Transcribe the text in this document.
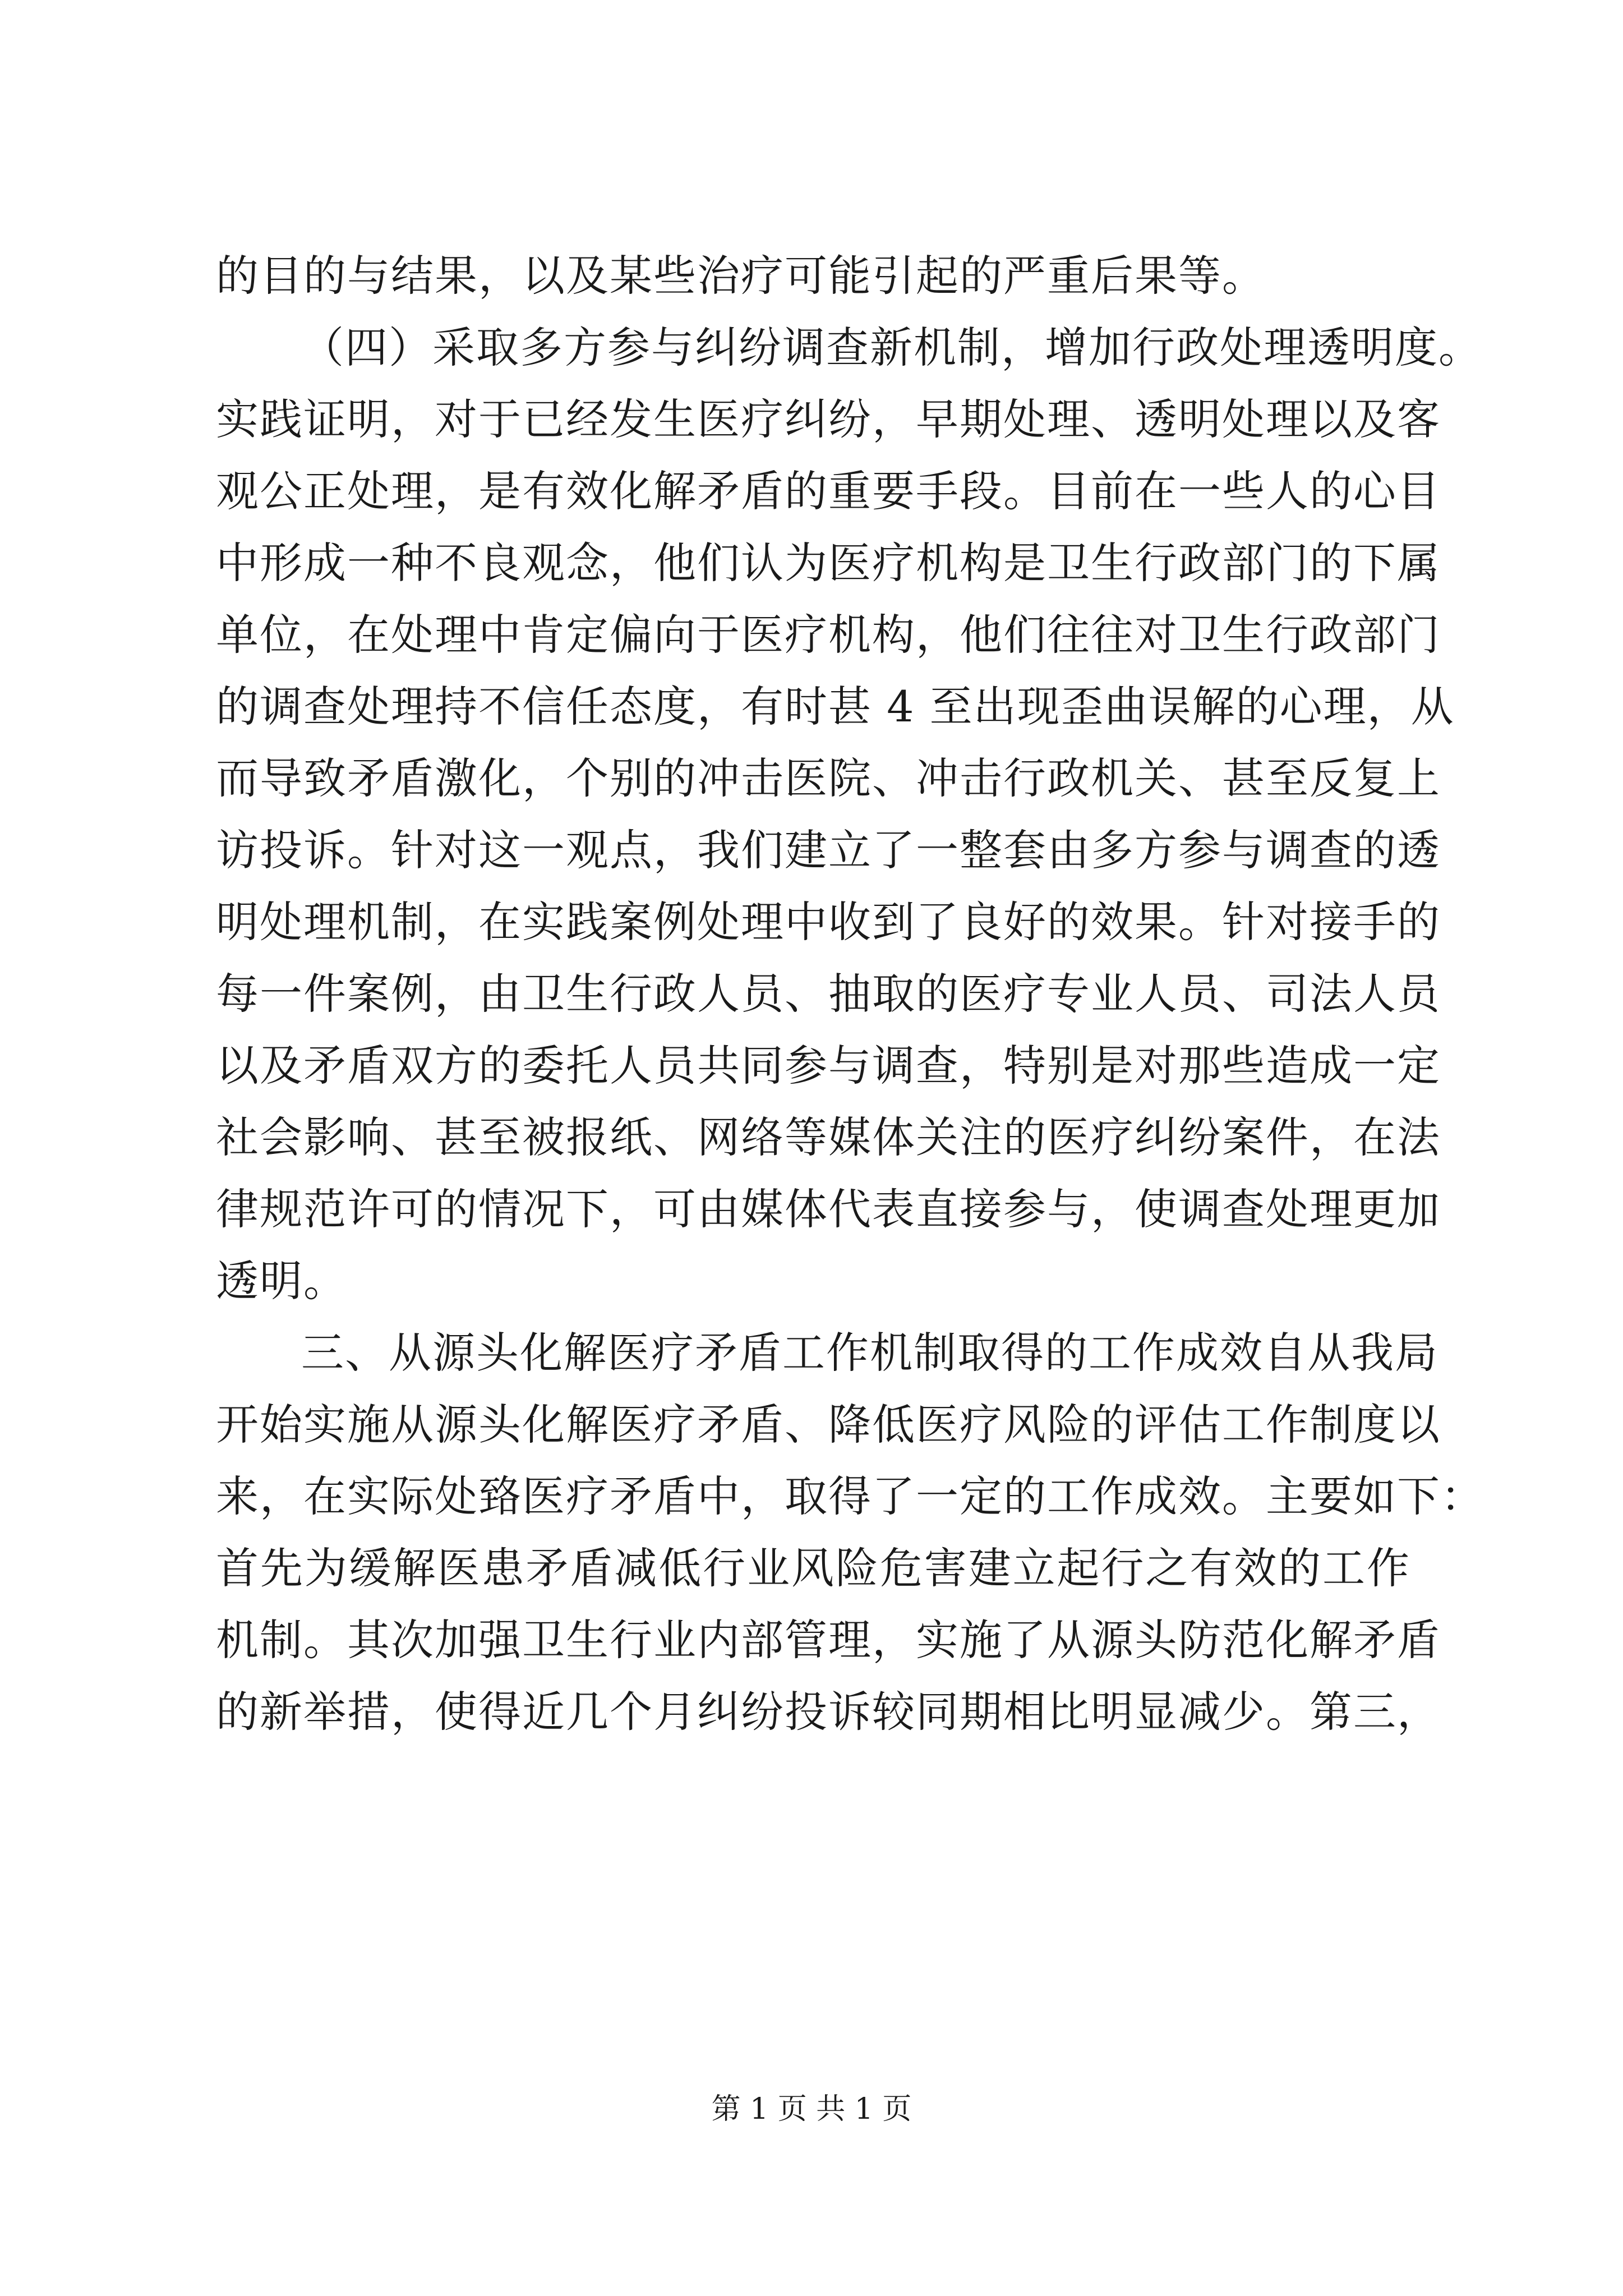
的目的与结果，以及某些治疗可能引起的严重后果等。
（四）采取多方参与纠纷调查新机制，增加行政处理透明度。
实践证明，对于已经发生医疗纠纷，早期处理、透明处理以及客
观公正处理，是有效化解矛盾的重要手段。目前在一些人的心目
中形成一种不良观念，他们认为医疗机构是卫生行政部门的下属
单位，在处理中肯定偏向于医疗机构，他们往往对卫生行政部门
的调查处理持不信任态度，有时甚 4 至出现歪曲误解的心理，从
而导致矛盾激化，个别的冲击医院、冲击行政机关、甚至反复上
访投诉。针对这一观点，我们建立了一整套由多方参与调查的透
明处理机制，在实践案例处理中收到了良好的效果。针对接手的
每一件案例，由卫生行政人员、抽取的医疗专业人员、司法人员
以及矛盾双方的委托人员共同参与调查，特别是对那些造成一定
社会影响、甚至被报纸、网络等媒体关注的医疗纠纷案件，在法
律规范许可的情况下，可由媒体代表直接参与，使调查处理更加
透明。
三、从源头化解医疗矛盾工作机制取得的工作成效自从我局
开始实施从源头化解医疗矛盾、降低医疗风险的评估工作制度以
来，在实际处臵医疗矛盾中，取得了一定的工作成效。主要如下：
首先为缓解医患矛盾减低行业风险危害建立起行之有效的工作
机制。其次加强卫生行业内部管理，实施了从源头防范化解矛盾
的新举措，使得近几个月纠纷投诉较同期相比明显减少。第三，
第 1 页 共 1 页
